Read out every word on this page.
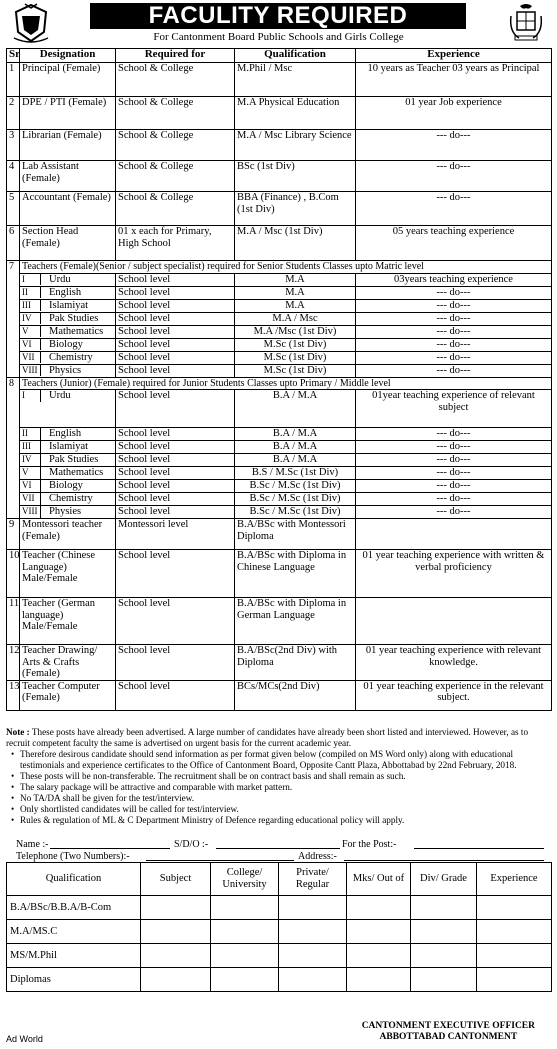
FACULITY REQUIRED
For Cantonment Board Public Schools and Girls College
Sr	Designation	Required for	Qualification	Experience
1	Principal (Female)	School & College	M.Phil / Msc	10 years as Teacher 03 years as Principal
2	DPE / PTI (Female)	School & College	M.A Physical Education	01 year Job experience
3	Librarian (Female)	School & College	M.A / Msc Library Science	--- do---
4	Lab Assistant (Female)	School & College	BSc (1st Div)	--- do---
5	Accountant (Female)	School & College	BBA (Finance) , B.Com (1st Div)	--- do---
6	Section Head (Female)	01 x each for Primary, High School	M.A / Msc (1st Div)	05 years teaching experience
7	Teachers (Female)(Senior / subject specialist) required for Senior Students Classes upto Matric level			

	I Urdu	School level	M.A	03years teaching experience

	II English	School level	M.A	--- do---

	III Islamiyat	School level	M.A	--- do---

	IV Pak Studies	School level	M.A / Msc	--- do---

	V Mathematics	School level	M.A /Msc (1st Div)	--- do---

	VI Biology	School level	M.Sc (1st Div)	--- do---

	VII Chemistry	School level	M.Sc (1st Div)	--- do---

	VIII Physics	School level	M.Sc (1st Div)	--- do---
8	Teachers (Junior) (Female) required for Junior Students Classes upto Primary / Middle level			

	I Urdu	School level	B.A / M.A	01year teaching experience of relevant subject

	II English	School level	B.A / M.A	--- do---

	III Islamiyat	School level	B.A / M.A	--- do---

	IV Pak Studies	School level	B.A / M.A	--- do---

	V Mathematics	School level	B.S / M.Sc (1st Div)	--- do---

	VI Biology	School level	B.Sc / M.Sc (1st Div)	--- do---

	VII Chemistry	School level	B.Sc / M.Sc (1st Div)	--- do---

	VIII Physies	School level	B.Sc / M.Sc (1st Div)	--- do---
9	Montessori teacher (Female)	Montessori level	B.A/BSc with Montessori Diploma	
10	Teacher (Chinese Language) Male/Female	School level	B.A/BSc with Diploma in Chinese Language	01 year teaching experience with written & verbal proficiency
11	Teacher (German language) Male/Female	School level	B.A/BSc with Diploma in German Language	
12	Teacher Drawing/ Arts & Crafts (Female)	School level	B.A/BSc(2nd Div) with Diploma	01 year teaching experience with relevant knowledge.
13	Teacher Computer (Female)	School level	BCs/MCs(2nd Div)	01 year teaching experience in the relevant subject.
Note : These posts have already been advertised. A large number of candidates have already been short listed and interviewed. However, as to recruit competent faculty the same is advertised on urgent basis for the current academic year.
• Therefore desirous candidate should send information as per format given below (compiled on MS Word only) along with educational testimonials and experience certificates to the Office of Cantonment Board, Opposite Cantt Plaza, Abbottabad by 22nd February, 2018.
• These posts will be non-transferable. The recruitment shall be on contract basis and shall remain as such.
• The salary package will be attractive and comparable with market pattern.
• No TA/DA shall be given for the test/interview.
• Only shortlisted candidates will be called for test/interview.
• Rules & regulation of ML & C Department Ministry of Defence regarding educational policy will apply.
Name :-	S/D/O :-	For the Post:-
Telephone (Two Numbers):-	Address:-
Qualification	Subject	College/ University	Private/ Regular	Mks/ Out of	Div/ Grade	Experience
B.A/BSc/B.B.A/B-Com						
M.A/MS.C						
MS/M.Phil						
Diplomas						
Ad World
CANTONMENT EXECUTIVE OFFICER
ABBOTTABAD CANTONMENT
